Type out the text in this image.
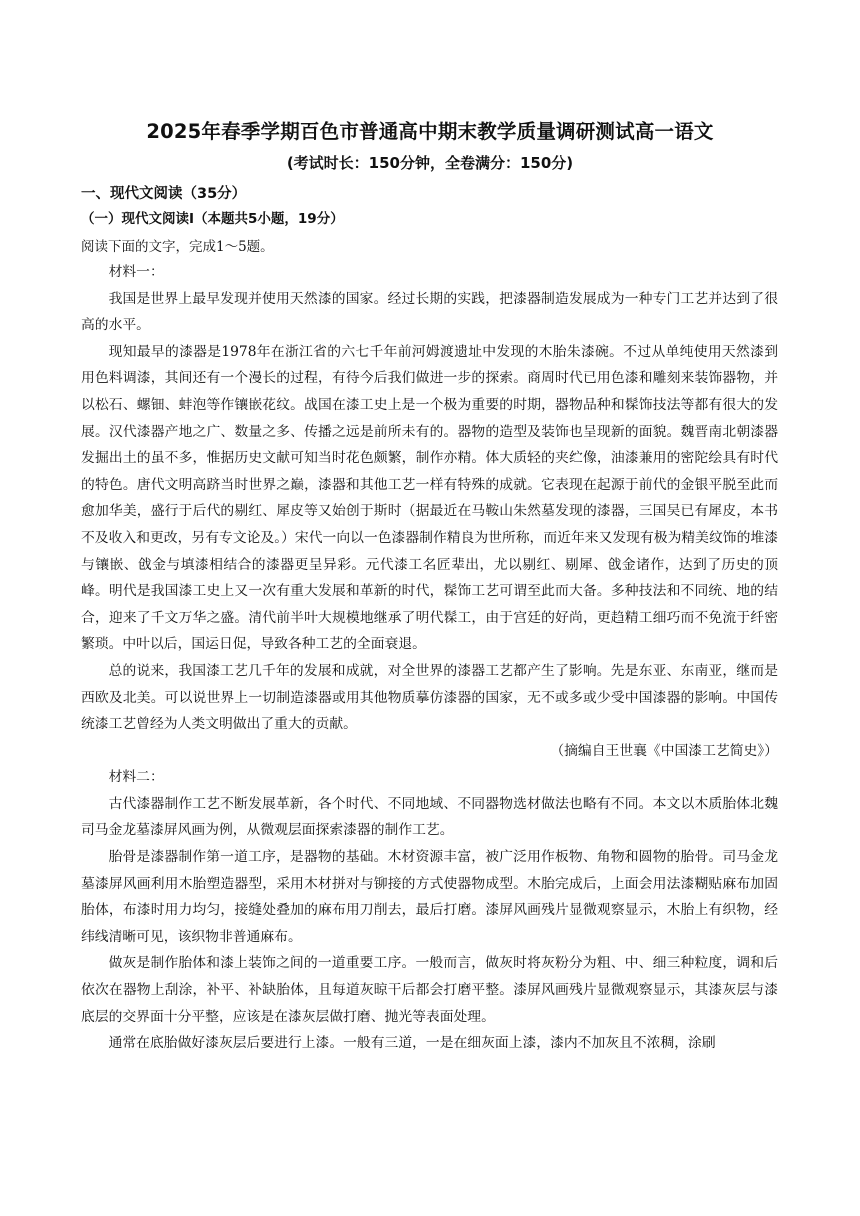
2025年春季学期百色市普通高中期末教学质量调研测试高一语文
(考试时长：150分钟，全卷满分：150分)
一、现代文阅读（35分）
（一）现代文阅读Ⅰ（本题共5小题，19分）
阅读下面的文字，完成1～5题。

材料一：

我国是世界上最早发现并使用天然漆的国家。经过长期的实践，把漆器制造发展成为一种专门工艺并达到了很高的水平。

现知最早的漆器是1978年在浙江省的六七千年前河姆渡遗址中发现的木胎朱漆碗。不过从单纯使用天然漆到用色料调漆，其间还有一个漫长的过程，有待今后我们做进一步的探索。商周时代已用色漆和雕刻来装饰器物，并以松石、螺钿、蚌泡等作镶嵌花纹。战国在漆工史上是一个极为重要的时期，器物品种和髹饰技法等都有很大的发展。汉代漆器产地之广、数量之多、传播之远是前所未有的。器物的造型及装饰也呈现新的面貌。魏晋南北朝漆器发掘出土的虽不多，惟据历史文献可知当时花色颇繁，制作亦精。体大质轻的夹纻像，油漆兼用的密陀绘具有时代的特色。唐代文明高跻当时世界之巅，漆器和其他工艺一样有特殊的成就。它表现在起源于前代的金银平脱至此而愈加华美，盛行于后代的剔红、犀皮等又始创于斯时（据最近在马鞍山朱然墓发现的漆器，三国吴已有犀皮，本书不及收入和更改，另有专文论及。）宋代一向以一色漆器制作精良为世所称，而近年来又发现有极为精美纹饰的堆漆与镶嵌、戗金与填漆相结合的漆器更呈异彩。元代漆工名匠辈出，尤以剔红、剔犀、戗金诸作，达到了历史的顶峰。明代是我国漆工史上又一次有重大发展和革新的时代，髹饰工艺可谓至此而大备。多种技法和不同统、地的结合，迎来了千文万华之盛。清代前半叶大规模地继承了明代髹工，由于宫廷的好尚，更趋精工细巧而不免流于纤密繁琐。中叶以后，国运日促，导致各种工艺的全面衰退。

总的说来，我国漆工艺几千年的发展和成就，对全世界的漆器工艺都产生了影响。先是东亚、东南亚，继而是西欧及北美。可以说世界上一切制造漆器或用其他物质摹仿漆器的国家，无不或多或少受中国漆器的影响。中国传统漆工艺曾经为人类文明做出了重大的贡献。

（摘编自王世襄《中国漆工艺简史》）

材料二：

古代漆器制作工艺不断发展革新，各个时代、不同地域、不同器物选材做法也略有不同。本文以木质胎体北魏司马金龙墓漆屏风画为例，从微观层面探索漆器的制作工艺。

胎骨是漆器制作第一道工序，是器物的基础。木材资源丰富，被广泛用作板物、角物和圆物的胎骨。司马金龙墓漆屏风画利用木胎塑造器型，采用木材拼对与铆接的方式使器物成型。木胎完成后，上面会用法漆糊贴麻布加固胎体，布漆时用力均匀，接缝处叠加的麻布用刀削去，最后打磨。漆屏风画残片显微观察显示，木胎上有织物，经纬线清晰可见，该织物非普通麻布。

做灰是制作胎体和漆上装饰之间的一道重要工序。一般而言，做灰时将灰粉分为粗、中、细三种粒度，调和后依次在器物上刮涂，补平、补缺胎体，且每道灰晾干后都会打磨平整。漆屏风画残片显微观察显示，其漆灰层与漆底层的交界面十分平整，应该是在漆灰层做打磨、抛光等表面处理。

通常在底胎做好漆灰层后要进行上漆。一般有三道，一是在细灰面上漆，漆内不加灰且不浓稠，涂刷
